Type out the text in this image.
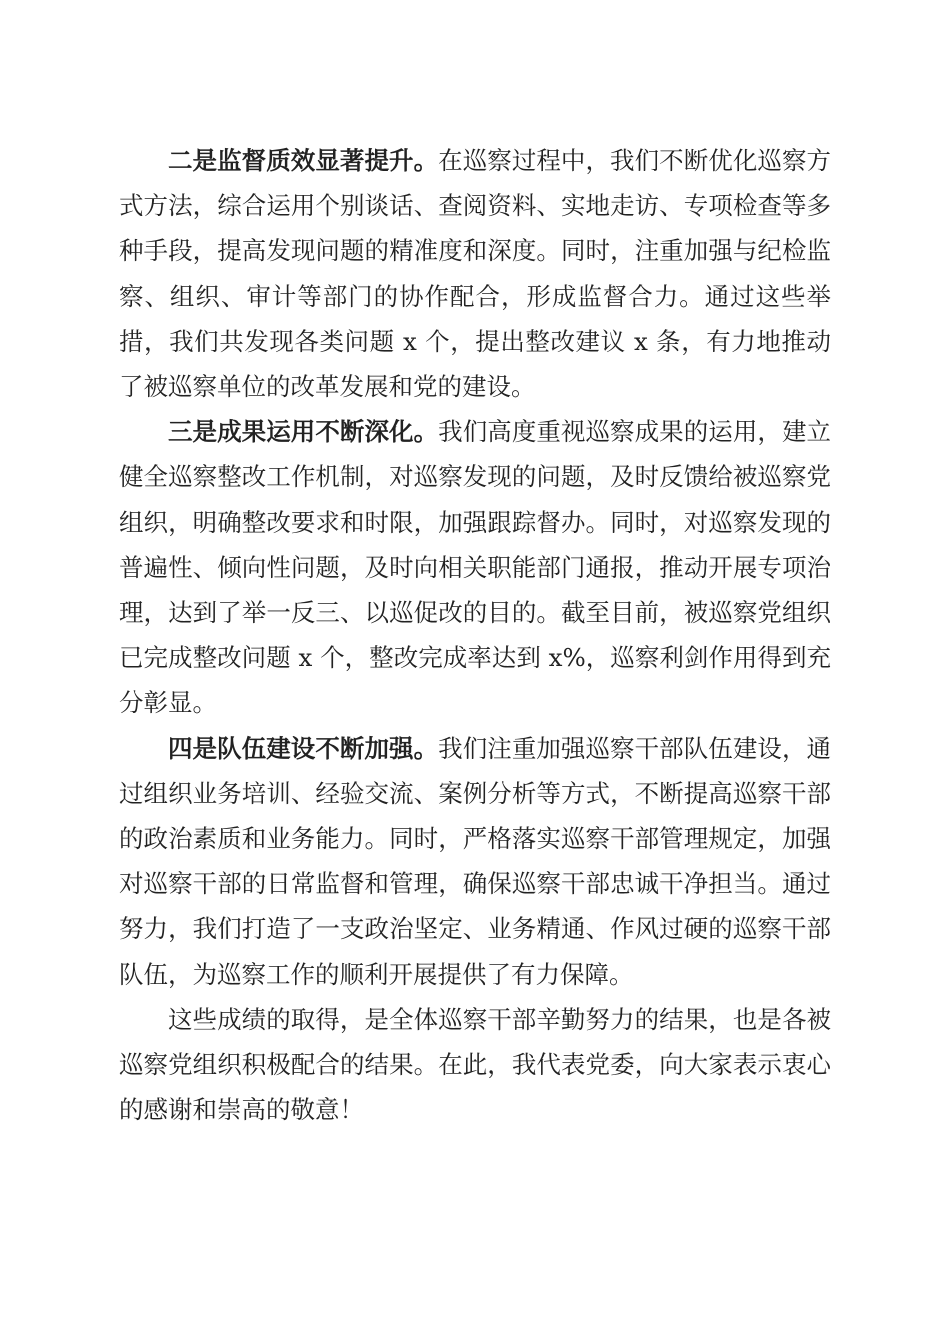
二是监督质效显著提升。在巡察过程中，我们不断优化巡察方式方法，综合运用个别谈话、查阅资料、实地走访、专项检查等多种手段，提高发现问题的精准度和深度。同时，注重加强与纪检监察、组织、审计等部门的协作配合，形成监督合力。通过这些举措，我们共发现各类问题 x 个，提出整改建议 x 条，有力地推动了被巡察单位的改革发展和党的建设。

三是成果运用不断深化。我们高度重视巡察成果的运用，建立健全巡察整改工作机制，对巡察发现的问题，及时反馈给被巡察党组织，明确整改要求和时限，加强跟踪督办。同时，对巡察发现的普遍性、倾向性问题，及时向相关职能部门通报，推动开展专项治理，达到了举一反三、以巡促改的目的。截至目前，被巡察党组织已完成整改问题 x 个，整改完成率达到 x%，巡察利剑作用得到充分彰显。

四是队伍建设不断加强。我们注重加强巡察干部队伍建设，通过组织业务培训、经验交流、案例分析等方式，不断提高巡察干部的政治素质和业务能力。同时，严格落实巡察干部管理规定，加强对巡察干部的日常监督和管理，确保巡察干部忠诚干净担当。通过努力，我们打造了一支政治坚定、业务精通、作风过硬的巡察干部队伍，为巡察工作的顺利开展提供了有力保障。

这些成绩的取得，是全体巡察干部辛勤努力的结果，也是各被巡察党组织积极配合的结果。在此，我代表党委，向大家表示衷心的感谢和崇高的敬意！
